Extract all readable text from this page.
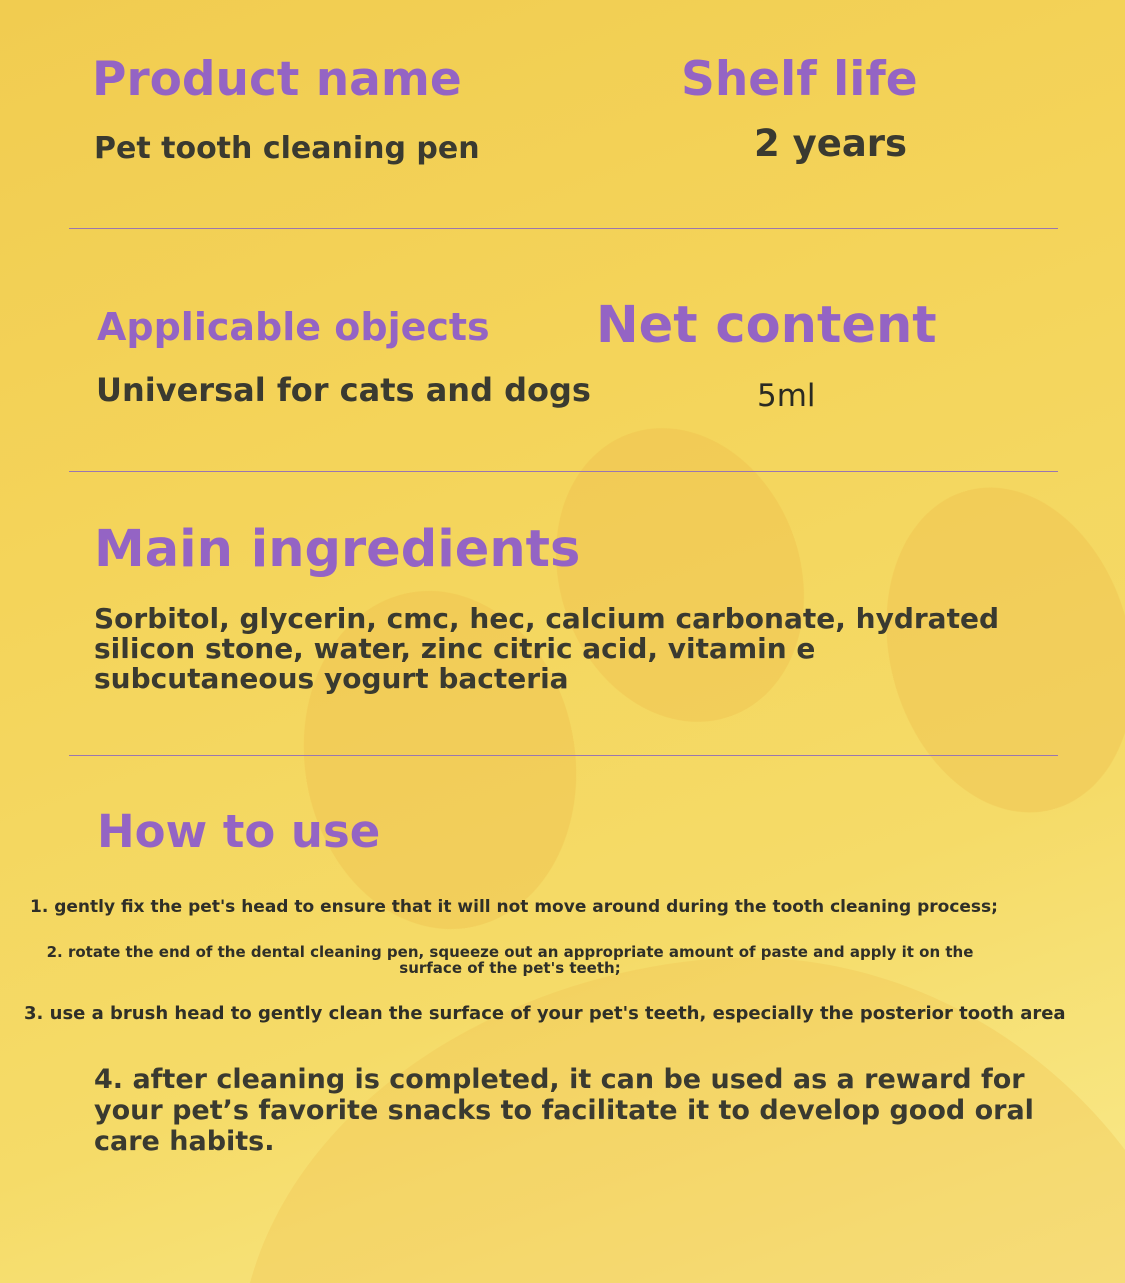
Product name
Pet tooth cleaning pen
Shelf life
2 years
Applicable objects
Universal for cats and dogs
Net content
5ml
Main ingredients
Sorbitol, glycerin, cmc, hec, calcium carbonate, hydrated silicon stone, water, zinc citric acid, vitamin e subcutaneous yogurt bacteria
How to use
1. gently fix the pet's head to ensure that it will not move around during the tooth cleaning process;
2. rotate the end of the dental cleaning pen, squeeze out an appropriate amount of paste and apply it on the surface of the pet's teeth;
3. use a brush head to gently clean the surface of your pet's teeth, especially the posterior tooth area
4. after cleaning is completed, it can be used as a reward for your pet’s favorite snacks to facilitate it to develop good oral care habits.
